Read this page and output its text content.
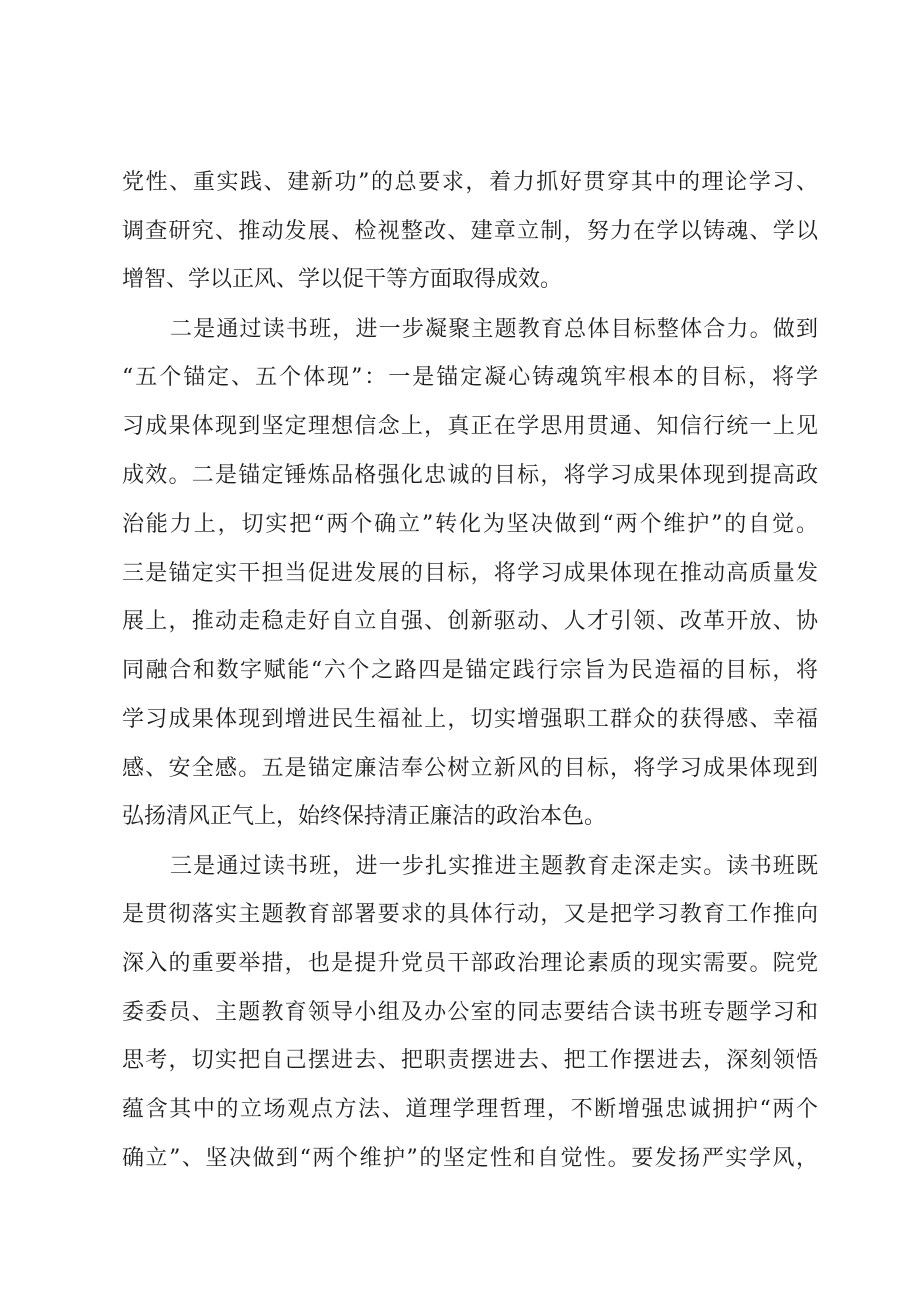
党性、重实践、建新功”的总要求，着力抓好贯穿其中的理论学习、
调查研究、推动发展、检视整改、建章立制，努力在学以铸魂、学以
增智、学以正风、学以促干等方面取得成效。
二是通过读书班，进一步凝聚主题教育总体目标整体合力。做到
“五个锚定、五个体现”：一是锚定凝心铸魂筑牢根本的目标，将学
习成果体现到坚定理想信念上，真正在学思用贯通、知信行统一上见
成效。二是锚定锤炼品格强化忠诚的目标，将学习成果体现到提高政
治能力上，切实把“两个确立”转化为坚决做到“两个维护”的自觉。
三是锚定实干担当促进发展的目标，将学习成果体现在推动高质量发
展上，推动走稳走好自立自强、创新驱动、人才引领、改革开放、协
同融合和数字赋能“六个之路四是锚定践行宗旨为民造福的目标，将
学习成果体现到增进民生福祉上，切实增强职工群众的获得感、幸福
感、安全感。五是锚定廉洁奉公树立新风的目标，将学习成果体现到
弘扬清风正气上，始终保持清正廉洁的政治本色。
三是通过读书班，进一步扎实推进主题教育走深走实。读书班既
是贯彻落实主题教育部署要求的具体行动，又是把学习教育工作推向
深入的重要举措，也是提升党员干部政治理论素质的现实需要。院党
委委员、主题教育领导小组及办公室的同志要结合读书班专题学习和
思考，切实把自己摆进去、把职责摆进去、把工作摆进去，深刻领悟
蕴含其中的立场观点方法、道理学理哲理，不断增强忠诚拥护“两个
确立”、坚决做到“两个维护”的坚定性和自觉性。要发扬严实学风，
